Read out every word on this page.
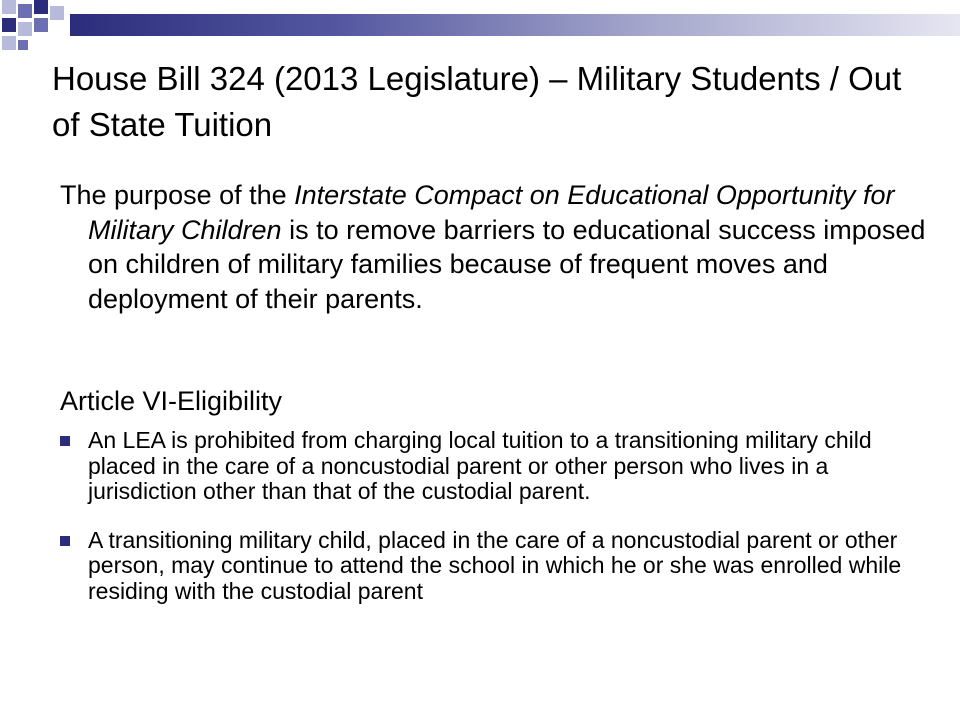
House Bill 324 (2013 Legislature) – Military Students / Out of State Tuition

The purpose of the Interstate Compact on Educational Opportunity for Military Children is to remove barriers to educational success imposed on children of military families because of frequent moves and deployment of their parents.

Article VI-Eligibility

An LEA is prohibited from charging local tuition to a transitioning military child placed in the care of a noncustodial parent or other person who lives in a jurisdiction other than that of the custodial parent.
A transitioning military child, placed in the care of a noncustodial parent or other person, may continue to attend the school in which he or she was enrolled while residing with the custodial parent
